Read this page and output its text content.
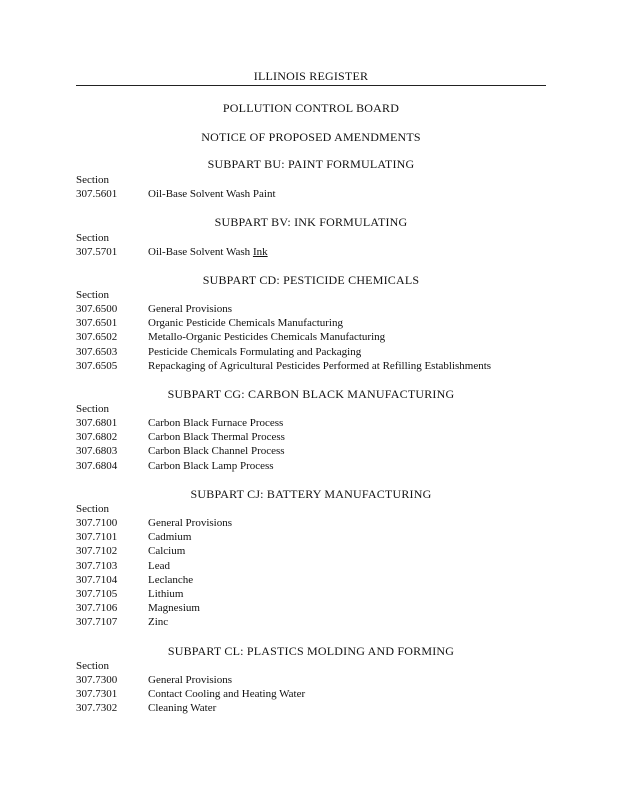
ILLINOIS REGISTER
POLLUTION CONTROL BOARD
NOTICE OF PROPOSED AMENDMENTS
SUBPART BU: PAINT FORMULATING
Section
307.5601	Oil-Base Solvent Wash Paint
SUBPART BV: INK FORMULATING
Section
307.5701	Oil-Base Solvent Wash Ink
SUBPART CD: PESTICIDE CHEMICALS
Section
307.6500	General Provisions
307.6501	Organic Pesticide Chemicals Manufacturing
307.6502	Metallo-Organic Pesticides Chemicals Manufacturing
307.6503	Pesticide Chemicals Formulating and Packaging
307.6505	Repackaging of Agricultural Pesticides Performed at Refilling Establishments
SUBPART CG: CARBON BLACK MANUFACTURING
Section
307.6801	Carbon Black Furnace Process
307.6802	Carbon Black Thermal Process
307.6803	Carbon Black Channel Process
307.6804	Carbon Black Lamp Process
SUBPART CJ: BATTERY MANUFACTURING
Section
307.7100	General Provisions
307.7101	Cadmium
307.7102	Calcium
307.7103	Lead
307.7104	Leclanche
307.7105	Lithium
307.7106	Magnesium
307.7107	Zinc
SUBPART CL: PLASTICS MOLDING AND FORMING
Section
307.7300	General Provisions
307.7301	Contact Cooling and Heating Water
307.7302	Cleaning Water
